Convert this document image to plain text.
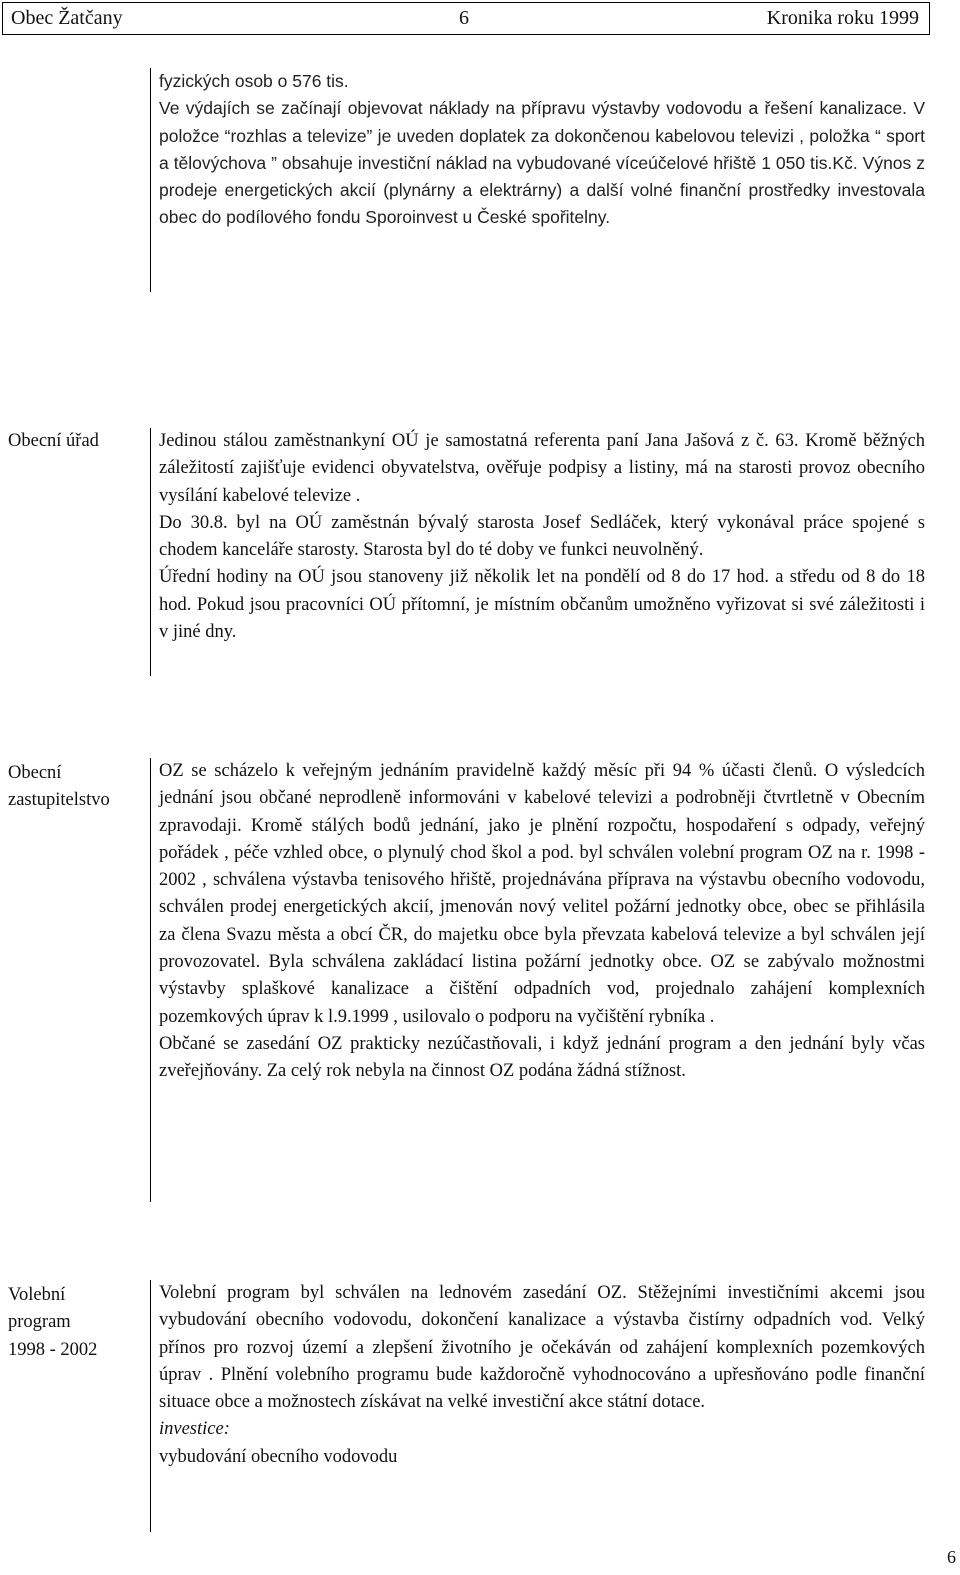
Obec Žatčany	6	Kronika roku 1999

fyzických osob o 576 tis.

Ve výdajích se začínají objevovat náklady na přípravu výstavby vodovodu a řešení kanalizace. V položce “rozhlas a televize” je uveden doplatek za dokončenou kabelovou televizi , položka “ sport a tělovýchova ” obsahuje investiční náklad na vybudované víceúčelové hřiště 1 050 tis.Kč. Výnos z prodeje energetických akcií (plynárny a elektrárny) a další volné finanční prostředky investovala obec do podílového fondu Sporoinvest u České spořitelny.

Obecní úřad	Jedinou stálou zaměstnankyní OÚ je samostatná referenta paní Jana Jašová z č. 63. Kromě běžných záležitostí zajišťuje evidenci obyvatelstva, ověřuje podpisy a listiny, má na starosti provoz obecního vysílání kabelové televize .

Do 30.8. byl na OÚ zaměstnán bývalý starosta Josef Sedláček, který vykonával práce spojené s chodem kanceláře starosty. Starosta byl do té doby ve funkci neuvolněný.

Úřední hodiny na OÚ jsou stanoveny již několik let na pondělí od 8 do 17 hod. a středu od 8 do 18 hod. Pokud jsou pracovníci OÚ přítomní, je místním občanům umožněno vyřizovat si své záležitosti i v jiné dny.

Obecní
zastupitelstvo

OZ se scházelo k veřejným jednáním pravidelně každý měsíc při 94 % účasti členů. O výsledcích jednání jsou občané neprodleně informováni v kabelové televizi a podrobněji čtvrtletně v Obecním zpravodaji. Kromě stálých bodů jednání, jako je plnění rozpočtu, hospodaření s odpady, veřejný pořádek , péče vzhled obce, o plynulý chod škol a pod. byl schválen volební program OZ na r. 1998 - 2002 , schválena výstavba tenisového hřiště, projednávána příprava na výstavbu obecního vodovodu, schválen prodej energetických akcií, jmenován nový velitel požární jednotky obce, obec se přihlásila za člena Svazu města a obcí ČR, do majetku obce byla převzata kabelová televize a byl schválen její provozovatel. Byla schválena zakládací listina požární jednotky obce. OZ se zabývalo možnostmi výstavby splaškové kanalizace a čištění odpadních vod, projednalo zahájení komplexních pozemkových úprav k l.9.1999 , usilovalo o podporu na vyčištění rybníka .

Občané se zasedání OZ prakticky nezúčastňovali, i když jednání program a den jednání byly včas zveřejňovány. Za celý rok nebyla na činnost OZ podána žádná stížnost.

Volební
program
1998 - 2002

Volební program byl schválen na lednovém zasedání OZ. Stěžejními investičními akcemi jsou vybudování obecního vodovodu, dokončení kanalizace a výstavba čistírny odpadních vod. Velký přínos pro rozvoj území a zlepšení životního je očekáván od zahájení komplexních pozemkových úprav . Plnění volebního programu bude každoročně vyhodnocováno a upřesňováno podle finanční situace obce a možnostech získávat na velké investiční akce státní dotace.

investice:

vybudování obecního vodovodu

6
